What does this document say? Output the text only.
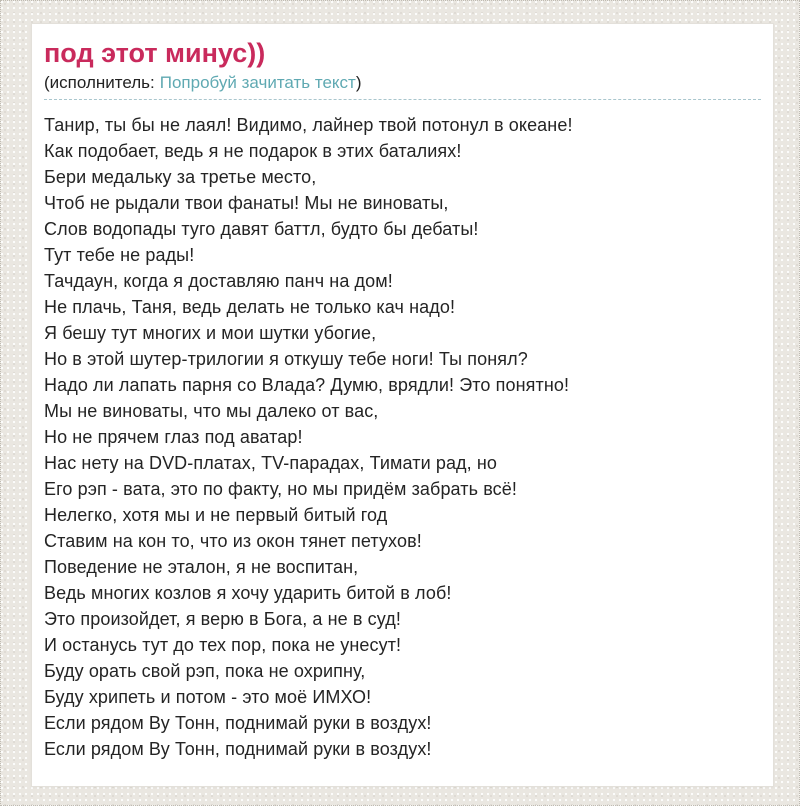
под этот минус))
(исполнитель: Попробуй зачитать текст)
Танир, ты бы не лаял! Видимо, лайнер твой потонул в океане!
Как подобает, ведь я не подарок в этих баталиях!
Бери медальку за третье место,
Чтоб не рыдали твои фанаты! Мы не виноваты,
Слов водопады туго давят баттл, будто бы дебаты!
Тут тебе не рады!
Тачдаун, когда я доставляю панч на дом!
Не плачь, Таня, ведь делать не только кач надо!
Я бешу тут многих и мои шутки убогие,
Но в этой шутер-трилогии я откушу тебе ноги! Ты понял?
Надо ли лапать парня со Влада? Думю, врядли! Это понятно!
Мы не виноваты, что мы далеко от вас,
Но не прячем глаз под аватар!
Нас нету на DVD-платах, TV-парадах, Тимати рад, но
Его рэп - вата, это по факту, но мы придём забрать всё!
Нелегко, хотя мы и не первый битый год
Ставим на кон то, что из окон тянет петухов!
Поведение не эталон, я не воспитан,
Ведь многих козлов я хочу ударить битой в лоб!
Это произойдет, я верю в Бога, а не в суд!
И останусь тут до тех пор, пока не унесут!
Буду орать свой рэп, пока не охрипну,
Буду хрипеть и потом - это моё ИМХО!
Если рядом Ву Тонн, поднимай руки в воздух!
Если рядом Ву Тонн, поднимай руки в воздух!
